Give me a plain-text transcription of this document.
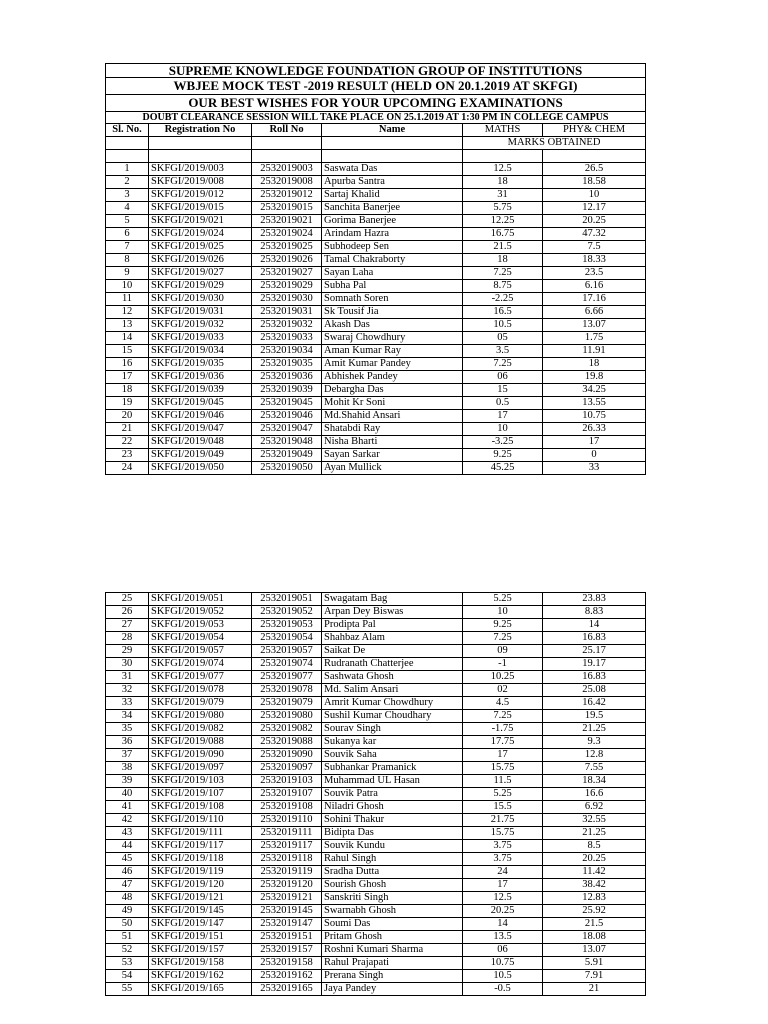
SUPREME KNOWLEDGE FOUNDATION GROUP OF INSTITUTIONS					
WBJEE MOCK TEST -2019 RESULT (HELD ON 20.1.2019 AT SKFGI)					
OUR BEST WISHES FOR YOUR UPCOMING EXAMINATIONS					
DOUBT CLEARANCE SESSION WILL TAKE PLACE ON 25.1.2019 AT 1:30 PM IN COLLEGE CAMPUS					
Sl. No.	Registration No	Roll No	Name	MATHS	PHY& CHEM
				MARKS OBTAINED	

1	SKFGI/2019/003	2532019003	Saswata Das	12.5	26.5
2	SKFGI/2019/008	2532019008	Apurba Santra	18	18.58
3	SKFGI/2019/012	2532019012	Sartaj Khalid	31	10
4	SKFGI/2019/015	2532019015	Sanchita Banerjee	5.75	12.17
5	SKFGI/2019/021	2532019021	Gorima Banerjee	12.25	20.25
6	SKFGI/2019/024	2532019024	Arindam Hazra	16.75	47.32
7	SKFGI/2019/025	2532019025	Subhodeep Sen	21.5	7.5
8	SKFGI/2019/026	2532019026	Tamal Chakraborty	18	18.33
9	SKFGI/2019/027	2532019027	Sayan Laha	7.25	23.5
10	SKFGI/2019/029	2532019029	Subha Pal	8.75	6.16
11	SKFGI/2019/030	2532019030	Somnath Soren	-2.25	17.16
12	SKFGI/2019/031	2532019031	Sk Tousif Jia	16.5	6.66
13	SKFGI/2019/032	2532019032	Akash Das	10.5	13.07
14	SKFGI/2019/033	2532019033	Swaraj Chowdhury	05	1.75
15	SKFGI/2019/034	2532019034	Aman Kumar Ray	3.5	11.91
16	SKFGI/2019/035	2532019035	Amit Kumar Pandey	7.25	18
17	SKFGI/2019/036	2532019036	Abhishek Pandey	06	19.8
18	SKFGI/2019/039	2532019039	Debargha Das	15	34.25
19	SKFGI/2019/045	2532019045	Mohit Kr Soni	0.5	13.55
20	SKFGI/2019/046	2532019046	Md.Shahid Ansari	17	10.75
21	SKFGI/2019/047	2532019047	Shatabdi Ray	10	26.33
22	SKFGI/2019/048	2532019048	Nisha Bharti	-3.25	17
23	SKFGI/2019/049	2532019049	Sayan Sarkar	9.25	0
24	SKFGI/2019/050	2532019050	Ayan Mullick	45.25	33
25	SKFGI/2019/051	2532019051	Swagatam Bag	5.25	23.83
26	SKFGI/2019/052	2532019052	Arpan Dey Biswas	10	8.83
27	SKFGI/2019/053	2532019053	Prodipta Pal	9.25	14
28	SKFGI/2019/054	2532019054	Shahbaz Alam	7.25	16.83
29	SKFGI/2019/057	2532019057	Saikat De	09	25.17
30	SKFGI/2019/074	2532019074	Rudranath Chatterjee	-1	19.17
31	SKFGI/2019/077	2532019077	Sashwata Ghosh	10.25	16.83
32	SKFGI/2019/078	2532019078	Md. Salim Ansari	02	25.08
33	SKFGI/2019/079	2532019079	Amrit Kumar Chowdhury	4.5	16.42
34	SKFGI/2019/080	2532019080	Sushil Kumar Choudhary	7.25	19.5
35	SKFGI/2019/082	2532019082	Sourav Singh	-1.75	21.25
36	SKFGI/2019/088	2532019088	Sukanya kar	17.75	9.3
37	SKFGI/2019/090	2532019090	Souvik Saha	17	12.8
38	SKFGI/2019/097	2532019097	Subhankar Pramanick	15.75	7.55
39	SKFGI/2019/103	2532019103	Muhammad UL Hasan	11.5	18.34
40	SKFGI/2019/107	2532019107	Souvik Patra	5.25	16.6
41	SKFGI/2019/108	2532019108	Niladri Ghosh	15.5	6.92
42	SKFGI/2019/110	2532019110	Sohini Thakur	21.75	32.55
43	SKFGI/2019/111	2532019111	Bidipta Das	15.75	21.25
44	SKFGI/2019/117	2532019117	Souvik Kundu	3.75	8.5
45	SKFGI/2019/118	2532019118	Rahul Singh	3.75	20.25
46	SKFGI/2019/119	2532019119	Sradha Dutta	24	11.42
47	SKFGI/2019/120	2532019120	Sourish Ghosh	17	38.42
48	SKFGI/2019/121	2532019121	Sanskriti Singh	12.5	12.83
49	SKFGI/2019/145	2532019145	Swarnabh Ghosh	20.25	25.92
50	SKFGI/2019/147	2532019147	Soumi Das	14	21.5
51	SKFGI/2019/151	2532019151	Pritam Ghosh	13.5	18.08
52	SKFGI/2019/157	2532019157	Roshni Kumari Sharma	06	13.07
53	SKFGI/2019/158	2532019158	Rahul Prajapati	10.75	5.91
54	SKFGI/2019/162	2532019162	Prerana Singh	10.5	7.91
55	SKFGI/2019/165	2532019165	Jaya Pandey	-0.5	21
